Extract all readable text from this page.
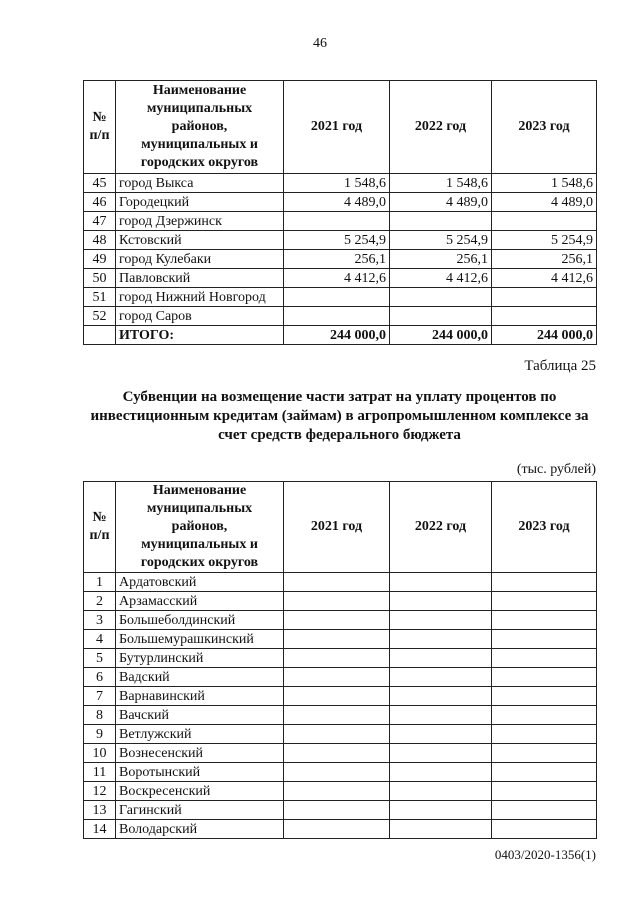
46
№ п/п	Наименование муниципальных районов, муниципальных и городских округов	2021 год	2022 год	2023 год
45	город Выкса	1 548,6	1 548,6	1 548,6
46	Городецкий	4 489,0	4 489,0	4 489,0
47	город Дзержинск			
48	Кстовский	5 254,9	5 254,9	5 254,9
49	город Кулебаки	256,1	256,1	256,1
50	Павловский	4 412,6	4 412,6	4 412,6
51	город Нижний Новгород			
52	город Саров			
	ИТОГО:	244 000,0	244 000,0	244 000,0
Таблица 25
Субвенции на возмещение части затрат на уплату процентов по инвестиционным кредитам (займам) в агропромышленном комплексе за счет средств федерального бюджета
(тыс. рублей)
№ п/п	Наименование муниципальных районов, муниципальных и городских округов	2021 год	2022 год	2023 год
1	Ардатовский			
2	Арзамасский			
3	Большеболдинский			
4	Большемурашкинский			
5	Бутурлинский			
6	Вадский			
7	Варнавинский			
8	Вачский			
9	Ветлужский			
10	Вознесенский			
11	Воротынский			
12	Воскресенский			
13	Гагинский			
14	Володарский			
0403/2020-1356(1)
